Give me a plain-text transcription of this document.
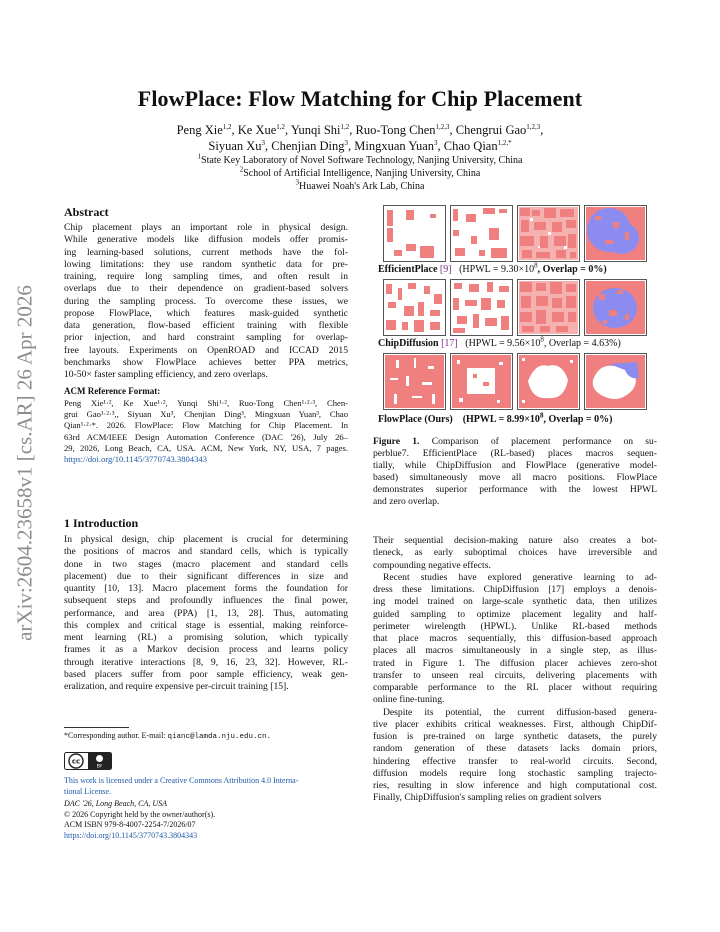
arXiv:2604.23658v1 [cs.AR] 26 Apr 2026
FlowPlace: Flow Matching for Chip Placement
Peng Xie$^{1,2}$, Ke Xue$^{1,2}$, Yunqi Shi$^{1,2}$, Ruo-Tong Chen$^{1,2,3}$, Chengrui Gao$^{1,2,3}$,
Siyuan Xu$^3$, Chenjian Ding$^3$, Mingxuan Yuan$^3$, Chao Qian$^{1,2,*}$
$^1$State Key Laboratory of Novel Software Technology, Nanjing University, China
$^2$School of Artificial Intelligence, Nanjing University, China
$^3$Huawei Noah's Ark Lab, China
Abstract
Chip placement plays an important role in physical design.
While generative models like diffusion models offer promis-
ing learning-based solutions, current methods have the fol-
lowing limitations: they use random synthetic data for pre-
training, require long sampling times, and often result in
overlaps due to their dependence on gradient-based solvers
during the sampling process. To overcome these issues, we
propose FlowPlace, which features mask-guided synthetic
data generation, flow-based efficient training with flexible
prior injection, and hard constraint sampling for overlap-
free layouts. Experiments on OpenROAD and ICCAD 2015
benchmarks show FlowPlace achieves better PPA metrics,
10-50× faster sampling efficiency, and zero overlaps.
ACM Reference Format:
Peng Xie¹·², Ke Xue¹·², Yunqi Shi¹·², Ruo-Tong Chen¹·²·³, Chen-
grui Gao¹·²·³,, Siyuan Xu³, Chenjian Ding³, Mingxuan Yuan³, Chao
Qian¹·²·*. 2026. FlowPlace: Flow Matching for Chip Placement. In
63rd ACM/IEEE Design Automation Conference (DAC '26), July 26–
29, 2026, Long Beach, CA, USA. ACM, New York, NY, USA, 7 pages.
https://doi.org/10.1145/3770743.3804343
1 Introduction
In physical design, chip placement is crucial for determining
the positions of macros and standard cells, which is typically
done in two stages (macro placement and standard cells
placement) due to their significant differences in size and
quantity [10, 13]. Macro placement forms the foundation for
subsequent steps and profoundly influences the final power,
performance, and area (PPA) [1, 13, 28]. Thus, automating
this complex and critical stage is essential, making reinforce-
ment learning (RL) a promising solution, which typically
frames it as a Markov decision process and learns policy
through iterative interactions [8, 9, 16, 23, 32]. However, RL-
based placers suffer from poor sample efficiency, weak gen-
eralization, and require expensive per-circuit training [15].
*Corresponding author. E-mail: qianc@lamda.nju.edu.cn.
cc
BY
This work is licensed under a Creative Commons Attribution 4.0 Interna-
tional License.
DAC '26, Long Beach, CA, USA
© 2026 Copyright held by the owner/author(s).
ACM ISBN 979-8-4007-2254-7/2026/07
https://doi.org/10.1145/3770743.3804343
EfficientPlace [9] (HPWL = $9.30\times 10^8$, Overlap = 0%)
ChipDiffusion [17] (HPWL = $9.56\times 10^8$, Overlap = 4.63%)
FlowPlace (Ours) (HPWL = $8.99\times 10^8$, Overlap = 0%)
Figure 1. Comparison of placement performance on su-
perblue7. EfficientPlace (RL-based) places macros sequen-
tially, while ChipDiffusion and FlowPlace (generative model-
based) simultaneously move all macro positions. FlowPlace
demonstrates superior performance with the lowest HPWL
and zero overlap.
Their sequential decision-making nature also creates a bot-
tleneck, as early suboptimal choices have irreversible and
compounding negative effects.
Recent studies have explored generative learning to ad-
dress these limitations. ChipDiffusion [17] employs a denois-
ing model trained on large-scale synthetic data, then utilizes
guided sampling to optimize placement legality and half-
perimeter wirelength (HPWL). Unlike RL-based methods
that place macros sequentially, this diffusion-based approach
places all macros simultaneously in a single step, as illus-
trated in Figure 1. The diffusion placer achieves zero-shot
transfer to unseen real circuits, delivering placements with
comparable performance to the RL placer without requiring
online fine-tuning.
Despite its potential, the current diffusion-based genera-
tive placer exhibits critical weaknesses. First, although ChipDif-
fusion is pre-trained on large synthetic datasets, the purely
random generation of these datasets lacks domain priors,
hindering effective transfer to real-world circuits. Second,
diffusion models require long stochastic sampling trajecto-
ries, resulting in slow inference and high computational cost.
Finally, ChipDiffusion's sampling relies on gradient solvers
